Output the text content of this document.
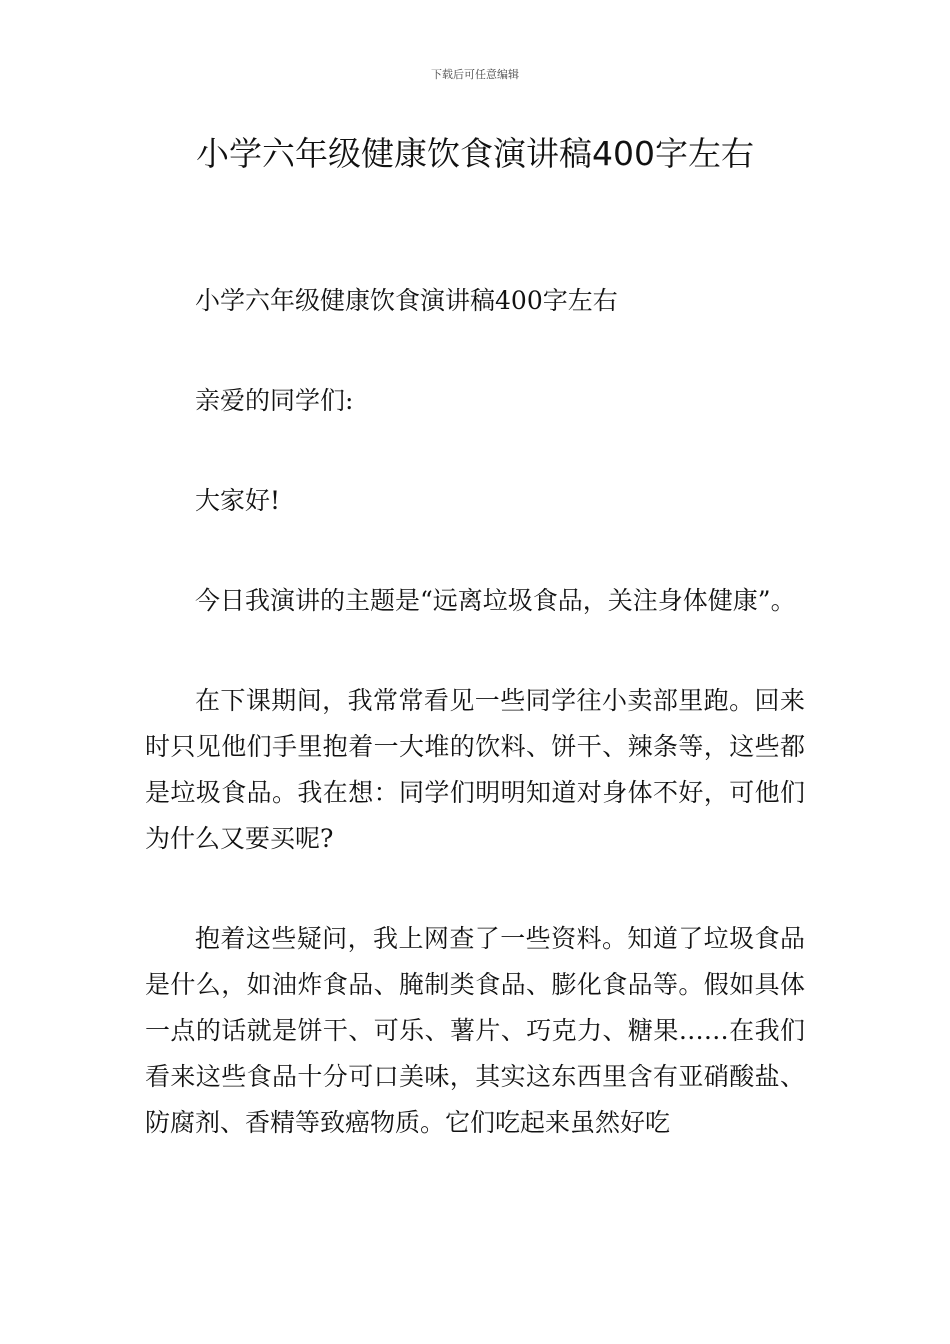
下载后可任意编辑
小学六年级健康饮食演讲稿400字左右

小学六年级健康饮食演讲稿400字左右

亲爱的同学们:

大家好!

今日我演讲的主题是“远离垃圾食品，关注身体健康”。

在下课期间，我常常看见一些同学往小卖部里跑。回来时只见他们手里抱着一大堆的饮料、饼干、辣条等，这些都是垃圾食品。我在想：同学们明明知道对身体不好，可他们为什么又要买呢?

抱着这些疑问，我上网查了一些资料。知道了垃圾食品是什么，如油炸食品、腌制类食品、膨化食品等。假如具体一点的话就是饼干、可乐、薯片、巧克力、糖果……在我们看来这些食品十分可口美味，其实这东西里含有亚硝酸盐、防腐剂、香精等致癌物质。它们吃起来虽然好吃
